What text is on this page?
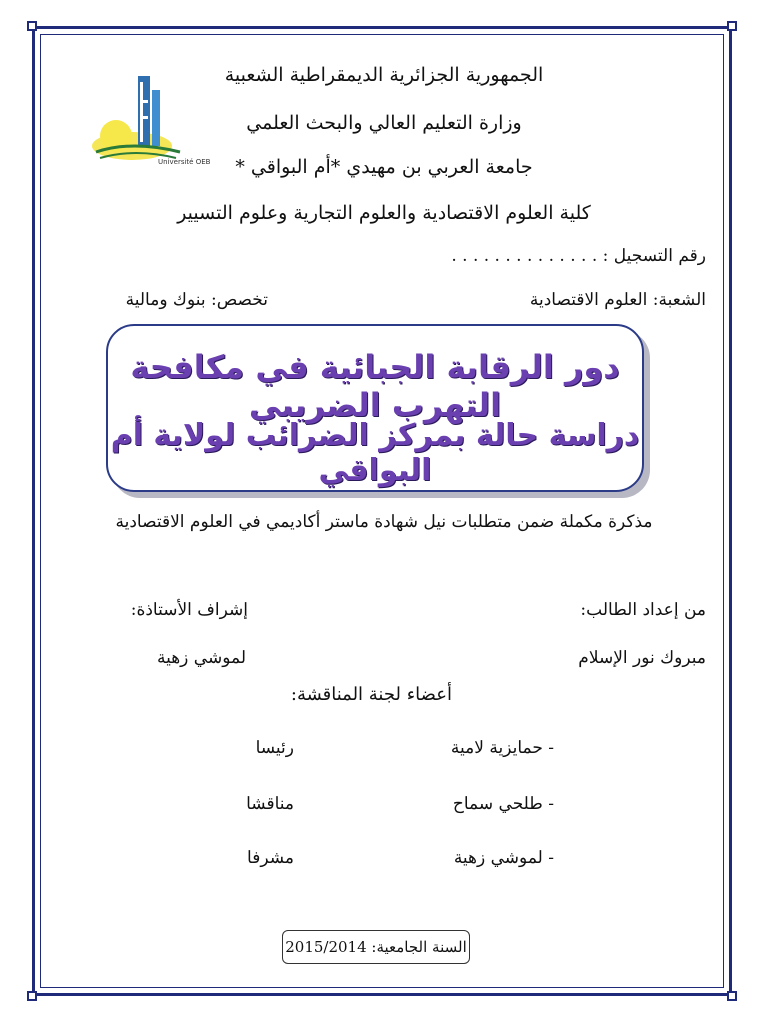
Université OEB
الجمهورية الجزائرية الديمقراطية الشعبية
وزارة التعليم العالي والبحث العلمي
جامعة العربي بن مهيدي *أم البواقي *
كلية العلوم الاقتصادية والعلوم التجارية وعلوم التسيير
رقم التسجيل : . . . . . . . . . . . . . .
الشعبة: العلوم الاقتصادية
تخصص: بنوك ومالية
دور الرقابة الجبائية في مكافحة التهرب الضريبي
دراسة حالة بمركز الضرائب لولاية أم البواقي
مذكرة مكملة ضمن متطلبات نيل شهادة ماستر أكاديمي في العلوم الاقتصادية
من إعداد الطالب:
إشراف الأستاذة:
مبروك نور الإسلام
لموشي زهية
أعضاء لجنة المناقشة:
- حمايزية لامية
رئيسا
- طلحي سماح
مناقشا
- لموشي زهية
مشرفا
السنة الجامعية: 2015/2014
